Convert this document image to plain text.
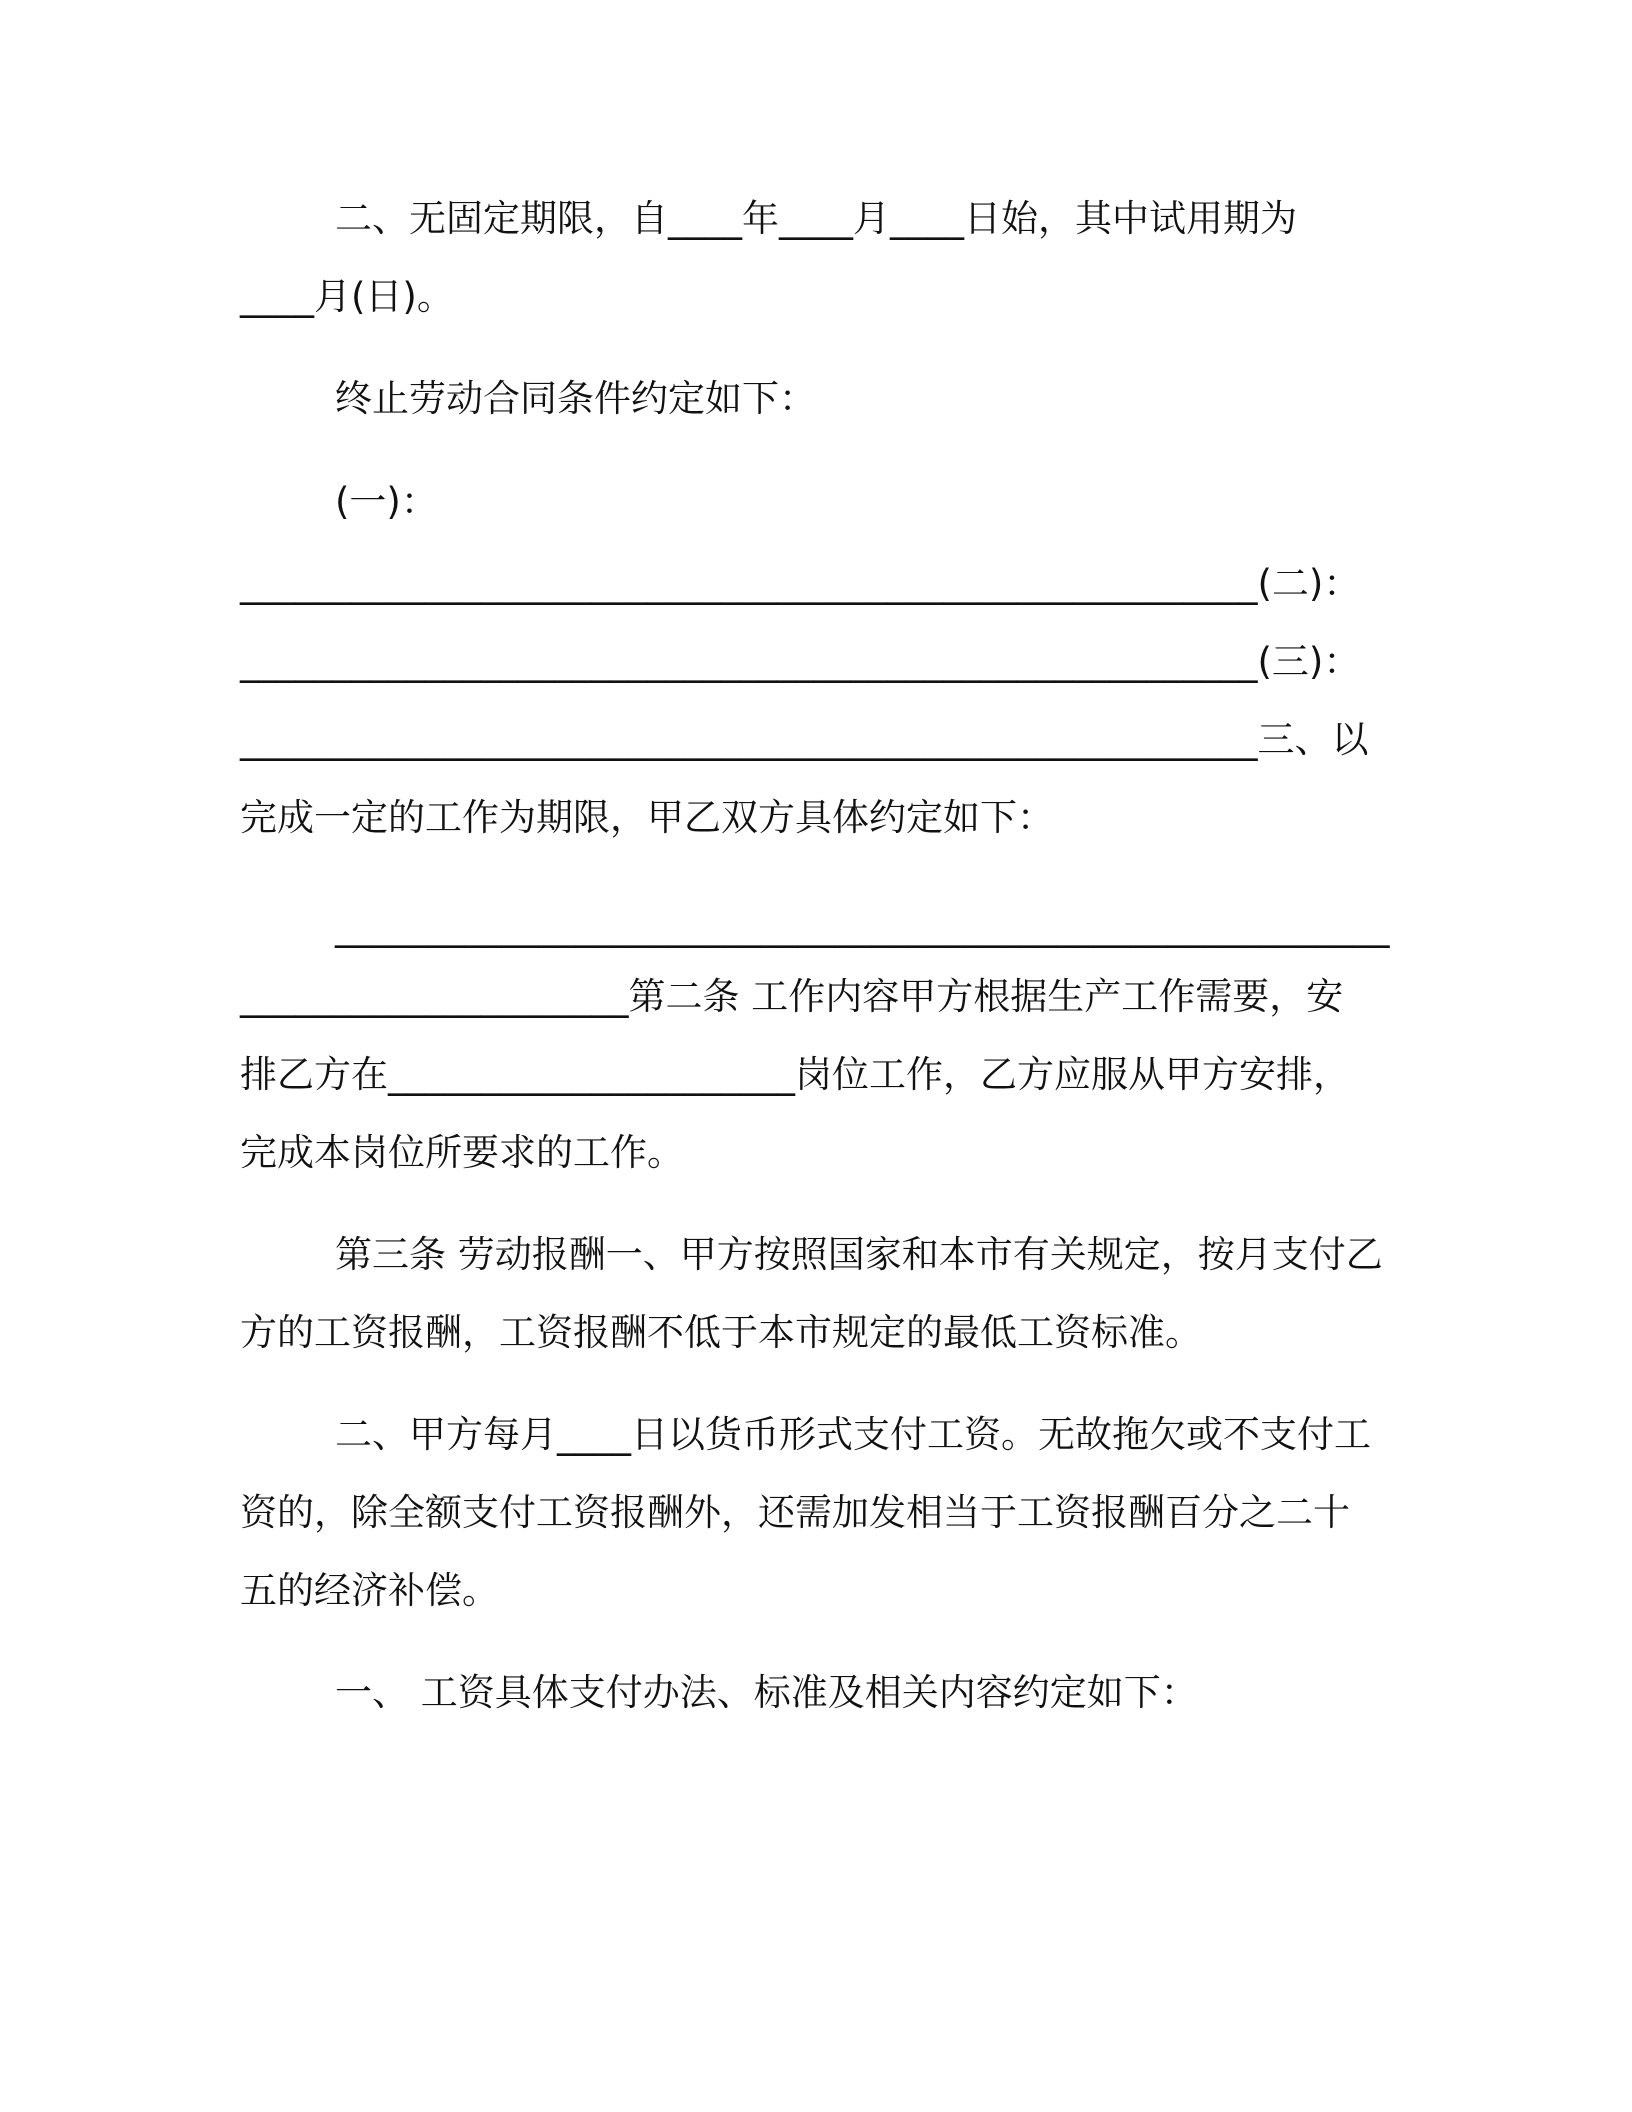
二、无固定期限，自____年____月____日始，其中试用期为
____月(日)。
终止劳动合同条件约定如下：
(一)：
_______________________________________________________(二)：
_______________________________________________________(三)：
_______________________________________________________三、以
完成一定的工作为期限，甲乙双方具体约定如下：
_________________________________________________________
_____________________第二条 工作内容甲方根据生产工作需要，安
排乙方在______________________岗位工作，乙方应服从甲方安排，
完成本岗位所要求的工作。
第三条 劳动报酬一、甲方按照国家和本市有关规定，按月支付乙
方的工资报酬，工资报酬不低于本市规定的最低工资标准。
二、甲方每月____日以货币形式支付工资。无故拖欠或不支付工
资的，除全额支付工资报酬外，还需加发相当于工资报酬百分之二十
五的经济补偿。
一、 工资具体支付办法、标准及相关内容约定如下：
